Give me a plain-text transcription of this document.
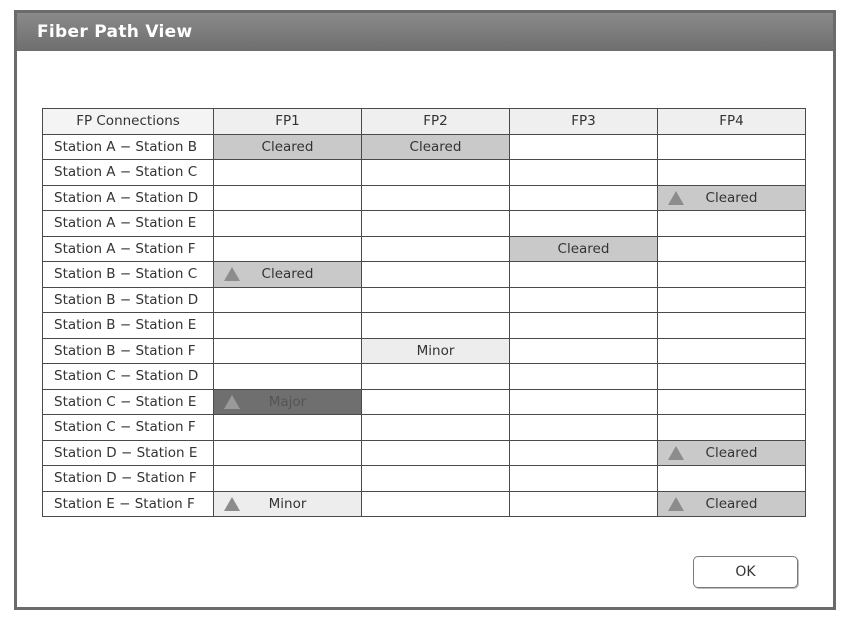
Fiber Path View
FP Connections	FP1	FP2	FP3	FP4
Station A − Station B	Cleared	Cleared		
Station A − Station C				
Station A − Station D				Cleared
Station A − Station E				
Station A − Station F			Cleared	
Station B − Station C	Cleared			
Station B − Station D				
Station B − Station E				
Station B − Station F		Minor		
Station C − Station D				
Station C − Station E	Major			
Station C − Station F				
Station D − Station E				Cleared
Station D − Station F				
Station E − Station F	Minor			Cleared
OK
